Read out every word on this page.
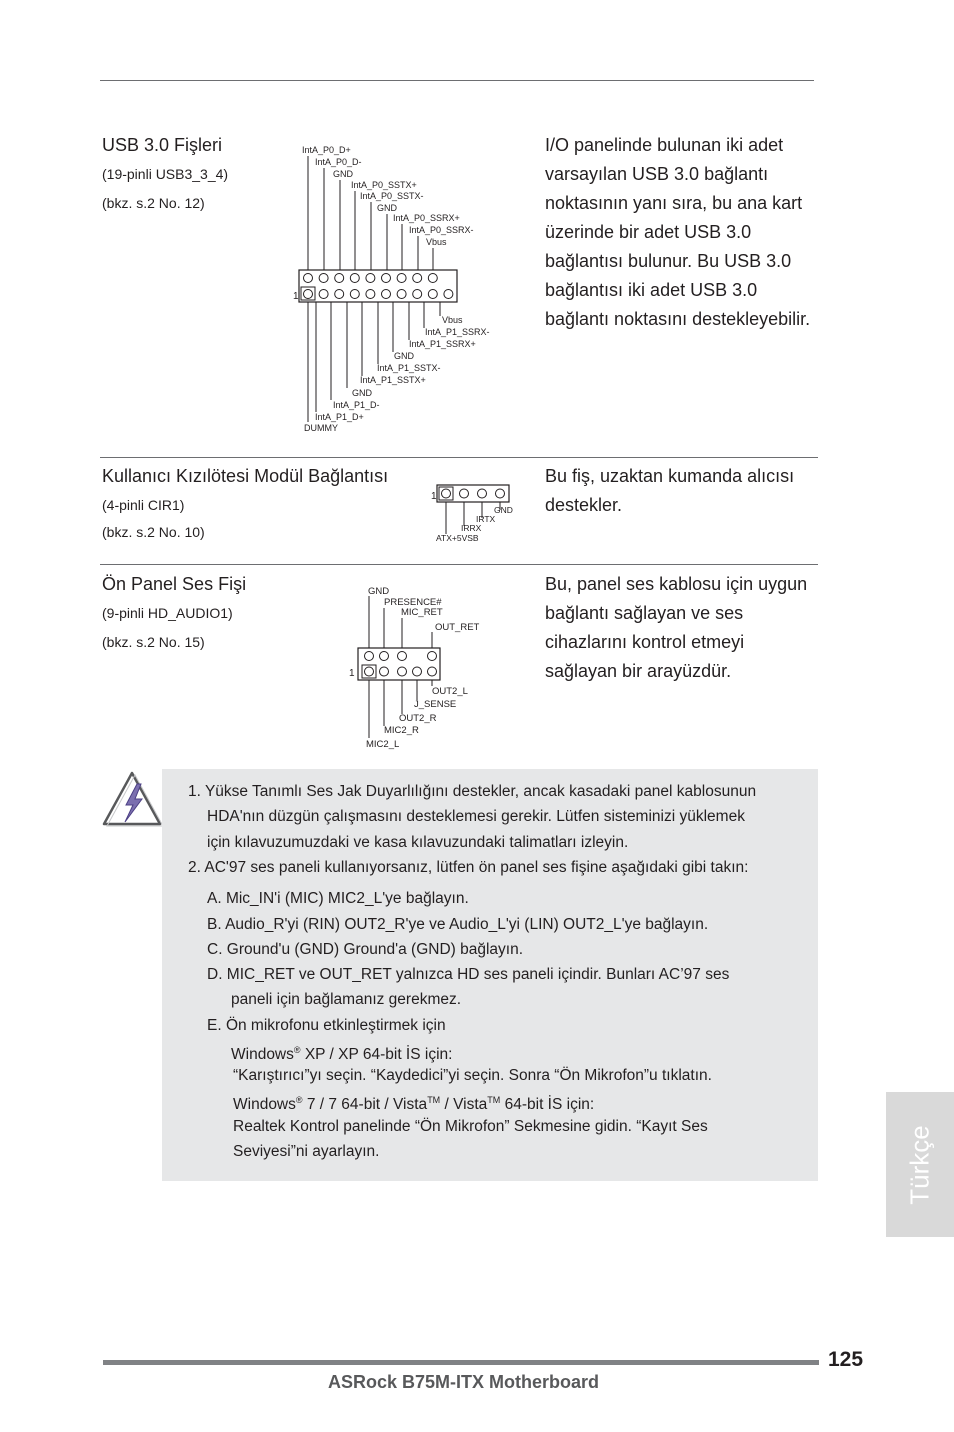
USB 3.0 Fişleri
(19-pinli USB3_3_4)
(bkz. s.2 No. 12)
I/O panelinde bulunan iki adet varsayılan USB 3.0 bağlantı noktasının yanı sıra, bu ana kart üzerinde bir adet USB 3.0 bağlantısı bulunur. Bu USB 3.0 bağlantısı iki adet USB 3.0 bağlantı noktasını destekleyebilir.
IntA_P0_D+
IntA_P0_D-
GND
IntA_P0_SSTX+
IntA_P0_SSTX-
GND
IntA_P0_SSRX+
IntA_P0_SSRX-
Vbus
1
Vbus
IntA_P1_SSRX-
IntA_P1_SSRX+
GND
IntA_P1_SSTX-
IntA_P1_SSTX+
GND
IntA_P1_D-
IntA_P1_D+
DUMMY
Kullanıcı Kızılötesi Modül Bağlantısı
(4-pinli CIR1)
(bkz. s.2 No. 10)
Bu fiş, uzaktan kumanda alıcısı destekler.
1
GND
IRTX
IRRX
ATX+5VSB
Ön Panel Ses Fişi
(9-pinli HD_AUDIO1)
(bkz. s.2 No. 15)
Bu, panel ses kablosu için uygun bağlantı sağlayan ve ses cihazlarını kontrol etmeyi sağlayan bir arayüzdür.
GND
PRESENCE#
MIC_RET
OUT_RET
1
OUT2_L
J_SENSE
OUT2_R
MIC2_R
MIC2_L
1. Yükse Tanımlı Ses Jak Duyarlılığını destekler, ancak kasadaki panel kablosunun
HDA'nın düzgün çalışmasını desteklemesi gerekir. Lütfen sisteminizi yüklemek
için kılavuzumuzdaki ve kasa kılavuzundaki talimatları izleyin.
2. AC'97 ses paneli kullanıyorsanız, lütfen ön panel ses fişine aşağıdaki gibi takın:
A. Mic_IN'i (MIC) MIC2_L'ye bağlayın.
B. Audio_R'yi (RIN) OUT2_R'ye ve Audio_L'yi (LIN) OUT2_L'ye bağlayın.
C. Ground'u (GND) Ground'a (GND) bağlayın.
D. MIC_RET ve OUT_RET yalnızca HD ses paneli içindir. Bunları AC’97 ses
paneli için bağlamanız gerekmez.
E. Ön mikrofonu etkinleştirmek için
Windows® XP / XP 64-bit İS için:
“Karıştırıcı”yı seçin. “Kaydedici”yi seçin. Sonra “Ön Mikrofon”u tıklatın.
Windows® 7 / 7 64-bit / Vista™ / Vista™ 64-bit İS için:
Realtek Kontrol panelinde “Ön Mikrofon” Sekmesine gidin. “Kayıt Ses
Seviyesi”ni ayarlayın.	Türkçe
125
ASRock B75M-ITX Motherboard
